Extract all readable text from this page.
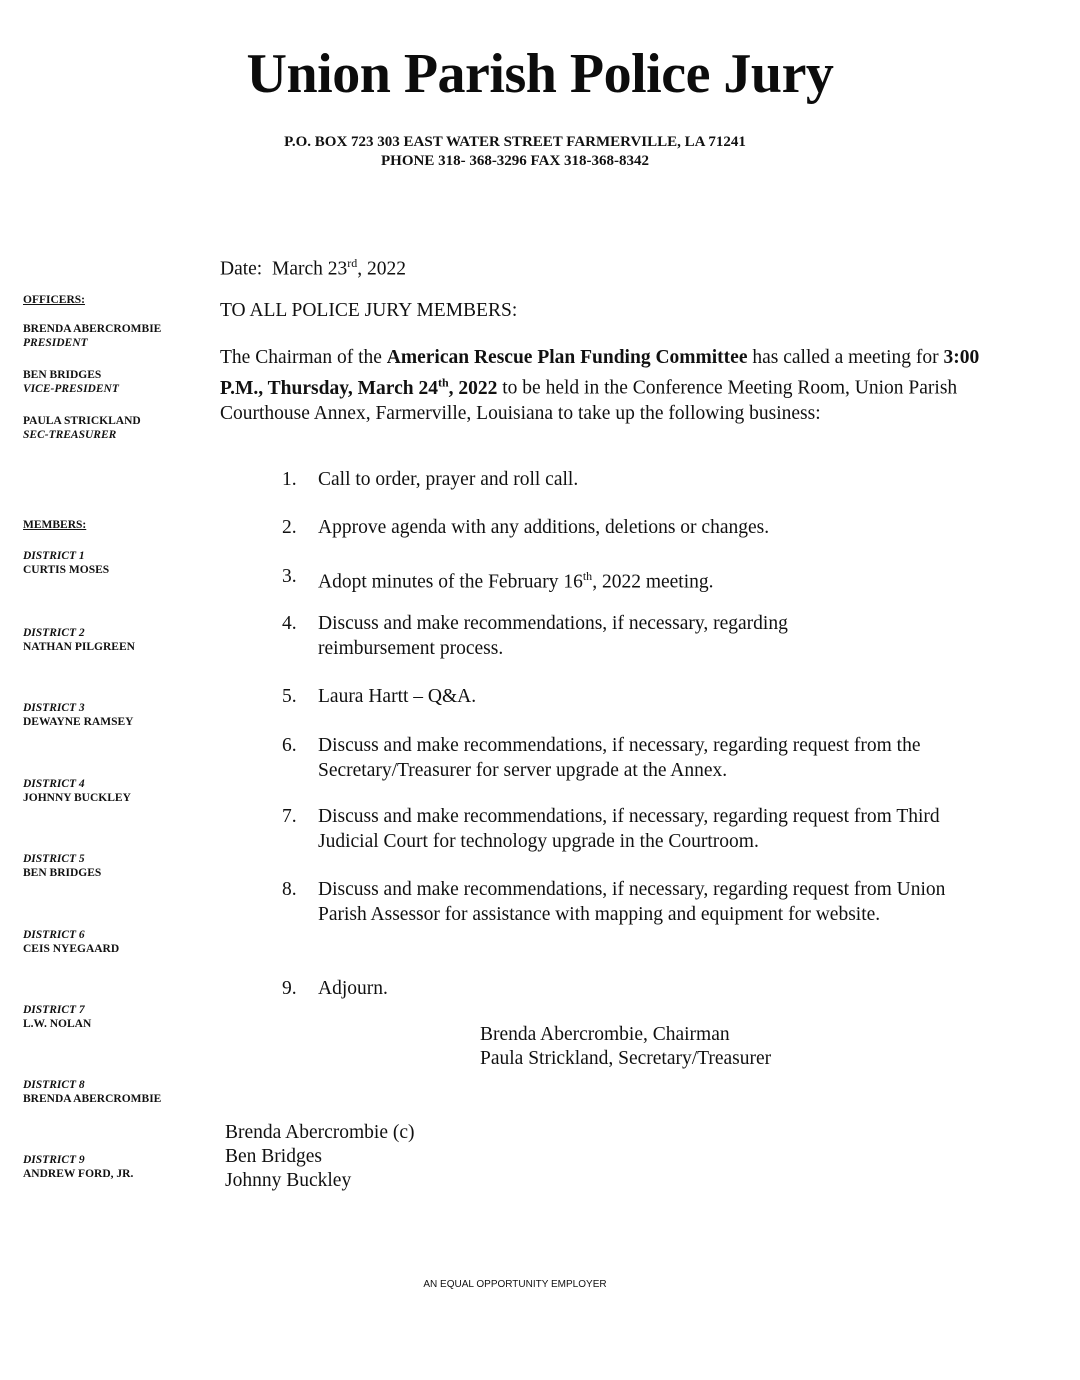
Union Parish Police Jury
P.O. BOX 723 303 EAST WATER STREET FARMERVILLE, LA 71241
PHONE 318- 368-3296 FAX 318-368-8342
OFFICERS:
BRENDA ABERCROMBIE
PRESIDENT
BEN BRIDGES
VICE-PRESIDENT
PAULA STRICKLAND
SEC-TREASURER
MEMBERS:
DISTRICT 1
CURTIS MOSES
DISTRICT 2
NATHAN PILGREEN
DISTRICT 3
DEWAYNE RAMSEY
DISTRICT 4
JOHNNY BUCKLEY
DISTRICT 5
BEN BRIDGES
DISTRICT 6
CEIS NYEGAARD
DISTRICT 7
L.W. NOLAN
DISTRICT 8
BRENDA ABERCROMBIE
DISTRICT 9
ANDREW FORD, JR.
Date: March 23rd, 2022
TO ALL POLICE JURY MEMBERS:
The Chairman of the American Rescue Plan Funding Committee has called a meeting for 3:00 P.M., Thursday, March 24th, 2022 to be held in the Conference Meeting Room, Union Parish Courthouse Annex, Farmerville, Louisiana to take up the following business:
1.	Call to order, prayer and roll call.
2.	Approve agenda with any additions, deletions or changes.
3.	Adopt minutes of the February 16th, 2022 meeting.
4.	Discuss and make recommendations, if necessary, regarding reimbursement process.
5.	Laura Hartt – Q&A.
6.	Discuss and make recommendations, if necessary, regarding request from the Secretary/Treasurer for server upgrade at the Annex.
7.	Discuss and make recommendations, if necessary, regarding request from Third Judicial Court for technology upgrade in the Courtroom.
8.	Discuss and make recommendations, if necessary, regarding request from Union Parish Assessor for assistance with mapping and equipment for website.
9.	Adjourn.
Brenda Abercrombie, Chairman
Paula Strickland, Secretary/Treasurer
Brenda Abercrombie (c)
Ben Bridges
Johnny Buckley
AN EQUAL OPPORTUNITY EMPLOYER
